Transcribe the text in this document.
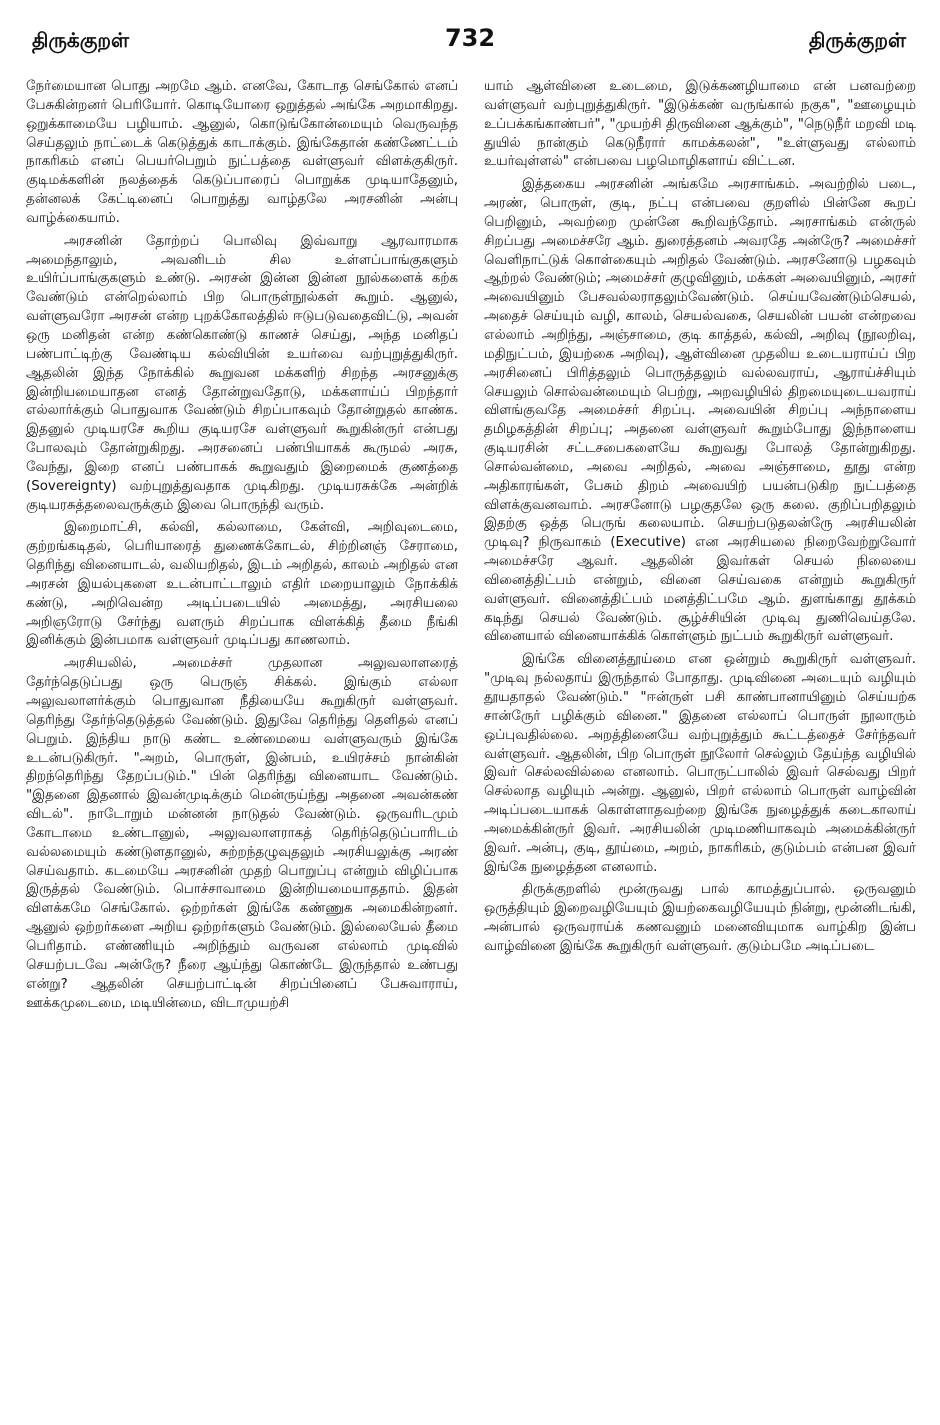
திருக்குறள்	732	திருக்குறள்

நேர்மையான பொது அறமே ஆம். எனவே, கோடாத செங்கோல் எனப் பேசுகின்றனர் பெரியோர். கொடியோரை ஒறுத்தல் அங்கே அறமாகிறது. ஒறுக்காமையே பழியாம். ஆனுல், கொடுங்கோன்மையும் வெருவந்த செய்தலும் நாட்டைக் கெடுத்துக் காடாக்கும். இங்கேதான் கண்ணேட்டம் நாகரிகம் எனப் பெயர்பெறும் நுட்பத்தை வள்ளுவர் விளக்குகிருர். குடிமக்களின் நலத்தைக் கெடுப்பாரைப் பொறுக்க முடியாதேனும், தன்னலக் கேட்டினைப் பொறுத்து வாழ்தலே அரசனின் அன்பு வாழ்க்கையாம்.

அரசனின் தோற்றப் பொலிவு இவ்வாறு ஆரவாரமாக அமைந்தாலும், அவனிடம் சில உள்ளப்பாங்குகளும் உயிர்ப்பாங்குகளும் உண்டு. அரசன் இன்ன இன்ன நூல்களைக் கற்க வேண்டும் என்றெல்லாம் பிற பொருள்நூல்கள் கூறும். ஆனுல், வள்ளுவரோ அரசன் என்ற புறக்கோலத்தில் ஈடுபடுவதைவிட்டு, அவன் ஒரு மனிதன் என்ற கண்கொண்டு காணச் செய்து, அந்த மனிதப் பண்பாட்டிற்கு வேண்டிய கல்வியின் உயர்வை வற்புறுத்துகிருர். ஆதலின் இந்த நோக்கில் கூறுவன மக்களிற் சிறந்த அரசனுக்கு இன்றியமையாதன எனத் தோன்றுவதோடு, மக்களாய்ப் பிறந்தார் எல்லார்க்கும் பொதுவாக வேண்டும் சிறப்பாகவும் தோன்றுதல் காண்க. இதனுல் முடியரசே கூறிய குடியரசே வள்ளுவர் கூறுகின்ருர் என்பது போலவும் தோன்றுகிறது. அரசனைப் பண்பியாகக் கூருமல் அரசு, வேந்து, இறை எனப் பண்பாகக் கூறுவதும் இறைமைக் குணத்தை (Sovereignty) வற்புறுத்துவதாக முடிகிறது. முடியரசுக்கே அன்றிக் குடியரசுத்தலைவருக்கும் இவை பொருந்தி வரும்.

இறைமாட்சி, கல்வி, கல்லாமை, கேள்வி, அறிவுடைமை, குற்றங்கடிதல், பெரியாரைத் துணைக்கோடல், சிற்றினஞ் சேராமை, தெரிந்து வினையாடல், வலியறிதல், இடம் அறிதல், காலம் அறிதல் என அரசன் இயல்புகளை உடன்பாட்டாலும் எதிர் மறையாலும் நோக்கிக் கண்டு, அறிவென்ற அடிப்படையில் அமைத்து, அரசியலை அறிஞரோடு சேர்ந்து வளரும் சிறப்பாக விளக்கித் தீமை நீங்கி இனிக்கும் இன்பமாக வள்ளுவர் முடிப்பது காணலாம்.

அரசியலில், அமைச்சர் முதலான அலுவலாளரைத் தேர்ந்தெடுப்பது ஒரு பெருஞ் சிக்கல். இங்கும் எல்லா அலுவலாளர்க்கும் பொதுவான நீதியையே கூறுகிருர் வள்ளுவர். தெரிந்து தேர்ந்தெடுத்தல் வேண்டும். இதுவே தெரிந்து தெளிதல் எனப் பெறும். இந்திய நாடு கண்ட உண்மையை வள்ளுவரும் இங்கே உடன்படுகிருர். "அறம், பொருள், இன்பம், உயிரச்சம் நான்கின் திறந்தெரிந்து தேறப்படும்." பின் தெரிந்து வினையாட வேண்டும். "இதனை இதனால் இவன்முடிக்கும் மென்ருய்ந்து அதனை அவன்கண் விடல்". நாடோறும் மன்னன் நாடுதல் வேண்டும். ஒருவரிடமும் கோடாமை உண்டானுல், அலுவலாளராகத் தெரிந்தெடுப்பாரிடம் வல்லமையும் கண்டுளதானுல், சுற்றந்தழுவுதலும் அரசியலுக்கு அரண் செய்வதாம். கடமையே அரசனின் முதற் பொறுப்பு என்றும் விழிப்பாக இருத்தல் வேண்டும். பொச்சாவாமை இன்றியமையாததாம். இதன் விளக்கமே செங்கோல். ஒற்றர்கள் இங்கே கண்ணுக அமைகின்றனர். ஆனுல் ஒற்றர்களை அறிய ஒற்றர்களும் வேண்டும். இல்லையேல் தீமை பெரிதாம். எண்ணியும் அறிந்தும் வருவன எல்லாம் முடிவில் செயற்படவே அன்ருே? நீரை ஆய்ந்து கொண்டே இருந்தால் உண்பது என்று? ஆதலின் செயற்பாட்டின் சிறப்பினைப் பேசுவாராய், ஊக்கமுடைமை, மடியின்மை, விடாமுயற்சி

யாம் ஆள்வினை உடைமை, இடுக்கணழியாமை என் பனவற்றை வள்ளுவர் வற்புறுத்துகிருர். "இடுக்கண் வருங்கால் நகுக", "ஊழையும் உப்பக்கங்காண்பர்", "முயற்சி திருவினை ஆக்கும்", "நெடுநீர் மறவி மடி துயில் நான்கும் கெடுநீரார் காமக்கலன்", "உள்ளுவது எல்லாம் உயர்வுள்ளல்" என்பவை பழமொழிகளாய் விட்டன.

இத்தகைய அரசனின் அங்கமே அரசாங்கம். அவற்றில் படை, அரண், பொருள், குடி, நட்பு என்பவை குறளில் பின்னே கூறப் பெறினும், அவற்றை முன்னே கூறிவந்தோம். அரசாங்கம் என்ருல் சிறப்பது அமைச்சரே ஆம். துரைத்தனம் அவரதே அன்ருே? அமைச்சர் வெளிநாட்டுக் கொள்கையும் அறிதல் வேண்டும். அரசனோடு பழகவும் ஆற்றல் வேண்டும்; அமைச்சர் குழுவினும், மக்கள் அவையினும், அரசர் அவையினும் பேசவல்லராதலும்வேண்டும். செய்யவேண்டும்செயல், அதைச் செய்யும் வழி, காலம், செயல்வகை, செயலின் பயன் என்றவை எல்லாம் அறிந்து, அஞ்சாமை, குடி காத்தல், கல்வி, அறிவு (நூலறிவு, மதிநுட்பம், இயற்கை அறிவு), ஆள்வினை முதலிய உடையராய்ப் பிற அரசினைப் பிரித்தலும் பொருத்தலும் வல்லவராய், ஆராய்ச்சியும் செயலும் சொல்வன்மையும் பெற்று, அறவழியில் திறமையுடையவராய் விளங்குவதே அமைச்சர் சிறப்பு. அவையின் சிறப்பு அந்நாளைய தமிழகத்தின் சிறப்பு; அதனை வள்ளுவர் கூறும்போது இந்நாளைய குடியரசின் சட்டசபைகளையே கூறுவது போலத் தோன்றுகிறது. சொல்வன்மை, அவை அறிதல், அவை அஞ்சாமை, தூது என்ற அதிகாரங்கள், பேசும் திறம் அவையிற் பயன்படுகிற நுட்பத்தை விளக்குவனவாம். அரசனோடு பழகுதலே ஒரு கலை. குறிப்பறிதலும் இதற்கு ஒத்த பெருங் கலையாம். செயற்படுதலன்ருே அரசியலின் முடிவு? நிருவாகம் (Executive) என அரசியலை நிறைவேற்றுவோர் அமைச்சரே ஆவர். ஆதலின் இவர்கள் செயல் நிலையை வினைத்திட்பம் என்றும், வினை செய்வகை என்றும் கூறுகிருர் வள்ளுவர். வினைத்திட்பம் மனத்திட்பமே ஆம். துளங்காது தூக்கம் கடிந்து செயல் வேண்டும். சூழ்ச்சியின் முடிவு துணிவெய்தலே. வினையால் வினையாக்கிக் கொள்ளும் நுட்பம் கூறுகிருர் வள்ளுவர்.

இங்கே வினைத்தூய்மை என ஒன்றும் கூறுகிருர் வள்ளுவர். "முடிவு நல்லதாய் இருந்தால் போதாது. முடிவினை அடையும் வழியும் தூயதாதல் வேண்டும்." "ஈன்ருள் பசி காண்பானாயினும் செய்யற்க சான்ருேர் பழிக்கும் வினை." இதனை எல்லாப் பொருள் நூலாரும் ஒப்புவதில்லை. அறத்தினையே வற்புறுத்தும் கூட்டத்தைச் சேர்ந்தவர் வள்ளுவர். ஆதலின், பிற பொருள் நூலோர் செல்லும் தேய்ந்த வழியில் இவர் செல்லவில்லை எனலாம். பொருட்பாலில் இவர் செல்வது பிறர் செல்லாத வழியும் அன்று. ஆனுல், பிறர் எல்லாம் பொருள் வாழ்வின் அடிப்படையாகக் கொள்ளாதவற்றை இங்கே நுழைத்துக் கடைகாலாய் அமைக்கின்ருர் இவர். அரசியலின் முடிமணியாகவும் அமைக்கின்ருர் இவர். அன்பு, குடி, தூய்மை, அறம், நாகரிகம், குடும்பம் என்பன இவர் இங்கே நுழைத்தன எனலாம்.

திருக்குறளில் மூன்ருவது பால் காமத்துப்பால். ஒருவனும் ஒருத்தியும் இறைவழியேயும் இயற்கைவழியேயும் நின்று, மூன்னிடங்கி, அன்பால் ஒருவராய்க் கணவனும் மனைவியுமாக வாழ்கிற இன்ப வாழ்வினை இங்கே கூறுகிருர் வள்ளுவர். குடும்பமே அடிப்படை
